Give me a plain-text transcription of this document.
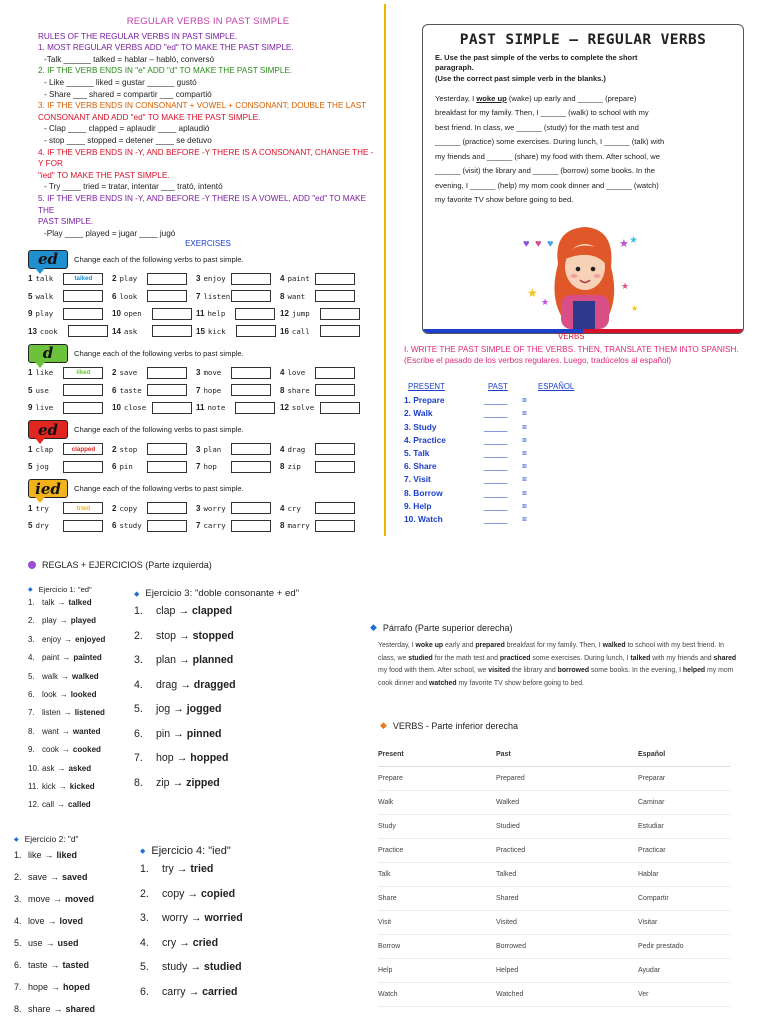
REGULAR VERBS IN PAST SIMPLE
RULES OF THE REGULAR VERBS IN PAST SIMPLE.
1. MOST REGULAR VERBS ADD "ed" TO MAKE THE PAST SIMPLE.
-Talk ______ talked = hablar – habló, conversó
2. IF THE VERB ENDS IN "e" ADD "d" TO MAKE THE PAST SIMPLE.
- Like ______ liked = gustar ______ gustó
- Share ___ shared = compartir ___ compartió
3. IF THE VERB ENDS IN CONSONANT + VOWEL + CONSONANT; DOUBLE THE LAST
CONSONANT AND ADD "ed" TO MAKE THE PAST SIMPLE.
- Clap ____ clapped = aplaudir ____ aplaudió
- stop ____ stopped = detener ____ se detuvo
4. IF THE VERB ENDS IN -Y, AND BEFORE -Y THERE IS A CONSONANT, CHANGE THE -Y FOR
"ied" TO MAKE THE PAST SIMPLE.
- Try ____ tried = tratar, intentar ___ trató, intentó
5. IF THE VERB ENDS IN -Y, AND BEFORE -Y THERE IS A VOWEL, ADD "ed" TO MAKE THE
PAST SIMPLE.
-Play ____ played = jugar ____ jugó
EXERCISES
ed Change each of the following verbs to past simple.
1 talk	talked	2 play	3 enjoy	4 paint
5 walk	6 look	7 listen	8 want
9 play	10 open	11 help	12 jump
13 cook	14 ask	15 kick	16 call
d	Change each of the following verbs to past simple.
1 like	liked	2 save	3 move	4 love
5 use	6 taste	7 hope	8 share
9 live	10 close	11 note	12 solve
ed Change each of the following verbs to past simple.
1 clap	clapped	2 stop	3 plan	4 drag
5 jog	6 pin	7 hop	8 zip
ied Change each of the following verbs to past simple.
1 try	tried	2 copy	3 worry	4 cry
5 dry	6 study	7 carry	8 marry
PAST SIMPLE – REGULAR VERBS
E. Use the past simple of the verbs to complete the short
paragraph.
(Use the correct past simple verb in the blanks.)
Yesterday, I woke up (wake) up early and ______ (prepare)
breakfast for my family. Then, I ______ (walk) to school with my
best friend. In class, we ______ (study) for the math test and
______ (practice) some exercises. During lunch, I ______ (talk) with
my friends and ______ (share) my food with them. After school, we
______ (visit) the library and ______ (borrow) some books. In the
evening, I ______ (help) my mom cook dinner and ______ (watch)
my favorite TV show before going to bed.
♥ ♥ ♥
★
★
★ ★
★
★
VERBS
I. WRITE THE PAST SIMPLE OF THE VERBS. THEN, TRANSLATE THEM INTO SPANISH.
(Escribe el pasado de los verbos regulares. Luego, tradúcelos al español)
PRESENT	PAST	ESPAÑOL
1. Prepare	_____	=
2. Walk	_____	=
3. Study	_____	=
4. Practice	_____	=
5. Talk	_____	=
6. Share	_____	=
7. Visit	_____	=
8. Borrow	_____	=
9. Help	_____	=
10. Watch	_____	=
REGLAS + EJERCICIOS (Parte izquierda)
◆ Ejercicio 1: "ed"
1. talk → talked
2. play → played
3. enjoy → enjoyed
4. paint → painted
5. walk → walked
6. look → looked
7. listen → listened
8. want → wanted
9. cook → cooked
10. ask → asked
11. kick → kicked
12. call → called
◆ Ejercicio 2: "d"
1. like → liked
2. save → saved
3. move → moved
4. love → loved
5. use → used
6. taste → tasted
7. hope → hoped
8. share → shared
◆ Ejercicio 3: "doble consonante + ed"
1.	clap → clapped
2.	stop → stopped
3.	plan → planned
4.	drag → dragged
5.	jog → jogged
6.	pin → pinned
7.	hop → hopped
8.	zip → zipped
◆ Ejercicio 4: "ied"
1.	try → tried
2.	copy → copied
3.	worry → worried
4.	cry → cried
5.	study → studied
6.	carry → carried
◆ Párrafo (Parte superior derecha)
Yesterday, I woke up early and prepared breakfast for my family. Then, I walked to school with my best friend. In class, we studied for the math test and practiced some exercises. During lunch, I talked with my friends and shared my food with them. After school, we visited the library and borrowed some books. In the evening, I helped my mom cook dinner and watched my favorite TV show before going to bed.
◆ VERBS - Parte inferior derecha
Present	Past	Español
Prepare	Prepared	Preparar
Walk	Walked	Caminar
Study	Studied	Estudiar
Practice	Practiced	Practicar
Talk	Talked	Hablar
Share	Shared	Compartir
Visit	Visited	Visitar
Borrow	Borrowed	Pedir prestado
Help	Helped	Ayudar
Watch	Watched	Ver
